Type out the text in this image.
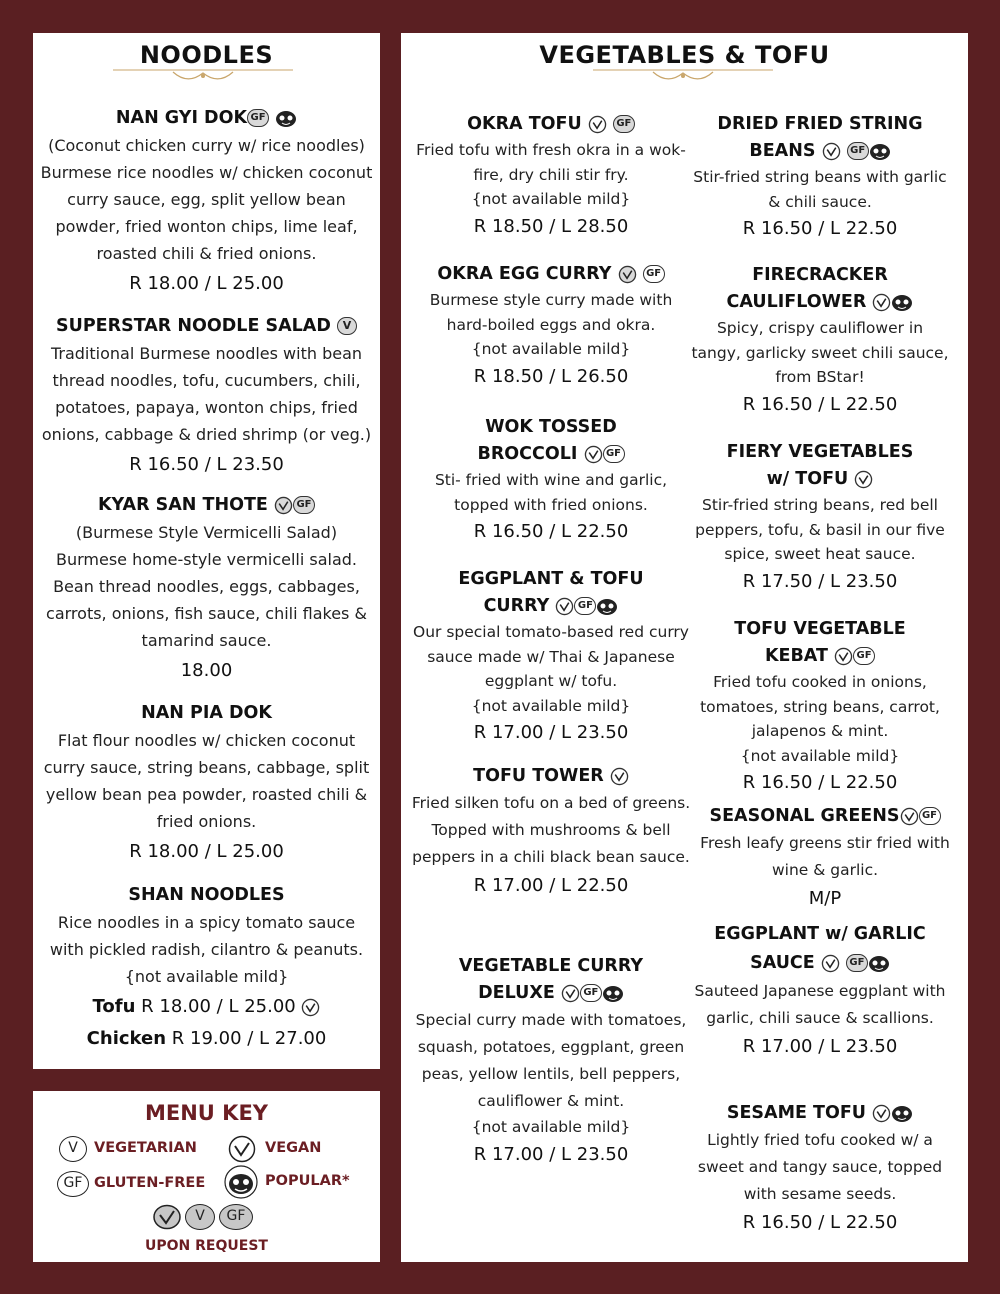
NOODLES
NAN GYI DOK GF
(Coconut chicken curry w/ rice noodles) Burmese rice noodles w/ chicken coconut curry sauce, egg, split yellow bean powder, fried wonton chips, lime leaf, roasted chili & fried onions.
R 18.00 / L 25.00
SUPERSTAR NOODLE SALAD V
Traditional Burmese noodles with bean thread noodles, tofu, cucumbers, chili, potatoes, papaya, wonton chips, fried onions, cabbage & dried shrimp (or veg.)
R 16.50 / L 23.50
KYAR SAN THOTE	GF
(Burmese Style Vermicelli Salad) Burmese home-style vermicelli salad. Bean thread noodles, eggs, cabbages, carrots, onions, fish sauce, chili flakes & tamarind sauce.
18.00
NAN PIA DOK
Flat flour noodles w/ chicken coconut curry sauce, string beans, cabbage, split yellow bean pea powder, roasted chili & fried onions.
R 18.00 / L 25.00
SHAN NOODLES
Rice noodles in a spicy tomato sauce with pickled radish, cilantro & peanuts. {not available mild}
Tofu R 18.00 / L 25.00
Chicken R 19.00 / L 27.00
VEGETABLES & TOFU
OKRA TOFU	GF
Fried tofu with fresh okra in a wok-fire, dry chili stir fry.
{not available mild}
R 18.50 / L 28.50
OKRA EGG CURRY	GF
Burmese style curry made with hard-boiled eggs and okra.
{not available mild}
R 18.50 / L 26.50
WOK TOSSED
BROCCOLI	GF
Sti- fried with wine and garlic, topped with fried onions.
R 16.50 / L 22.50
EGGPLANT & TOFU
CURRY	GF
Our special tomato-based red curry sauce made w/ Thai & Japanese eggplant w/ tofu.
{not available mild}
R 17.00 / L 23.50
TOFU TOWER
Fried silken tofu on a bed of greens. Topped with mushrooms & bell peppers in a chili black bean sauce.
R 17.00 / L 22.50
VEGETABLE CURRY
DELUXE	GF
Special curry made with tomatoes, squash, potatoes, eggplant, green peas, yellow lentils, bell peppers, cauliflower & mint.
{not available mild}
R 17.00 / L 23.50
DRIED FRIED STRING
BEANS	GF
Stir-fried string beans with garlic & chili sauce.
R 16.50 / L 22.50
FIRECRACKER
CAULIFLOWER
Spicy, crispy cauliflower in tangy, garlicky sweet chili sauce, from BStar!
R 16.50 / L 22.50
FIERY VEGETABLES
w/ TOFU
Stir-fried string beans, red bell peppers, tofu, & basil in our five spice, sweet heat sauce.
R 17.50 / L 23.50
TOFU VEGETABLE
KEBAT	GF
Fried tofu cooked in onions, tomatoes, string beans, carrot, jalapenos & mint.
{not available mild}
R 16.50 / L 22.50
SEASONAL GREENS GF
Fresh leafy greens stir fried with wine & garlic.
M/P
EGGPLANT w/ GARLIC
SAUCE	GF
Sauteed Japanese eggplant with garlic, chili sauce & scallions.
R 17.00 / L 23.50
SESAME TOFU
Lightly fried tofu cooked w/ a sweet and tangy sauce, topped with sesame seeds.
R 16.50 / L 22.50
MENU KEY
V	VEGETARIAN	VEGAN
GF GLUTEN-FREE	POPULAR*
V	GF
UPON REQUEST
